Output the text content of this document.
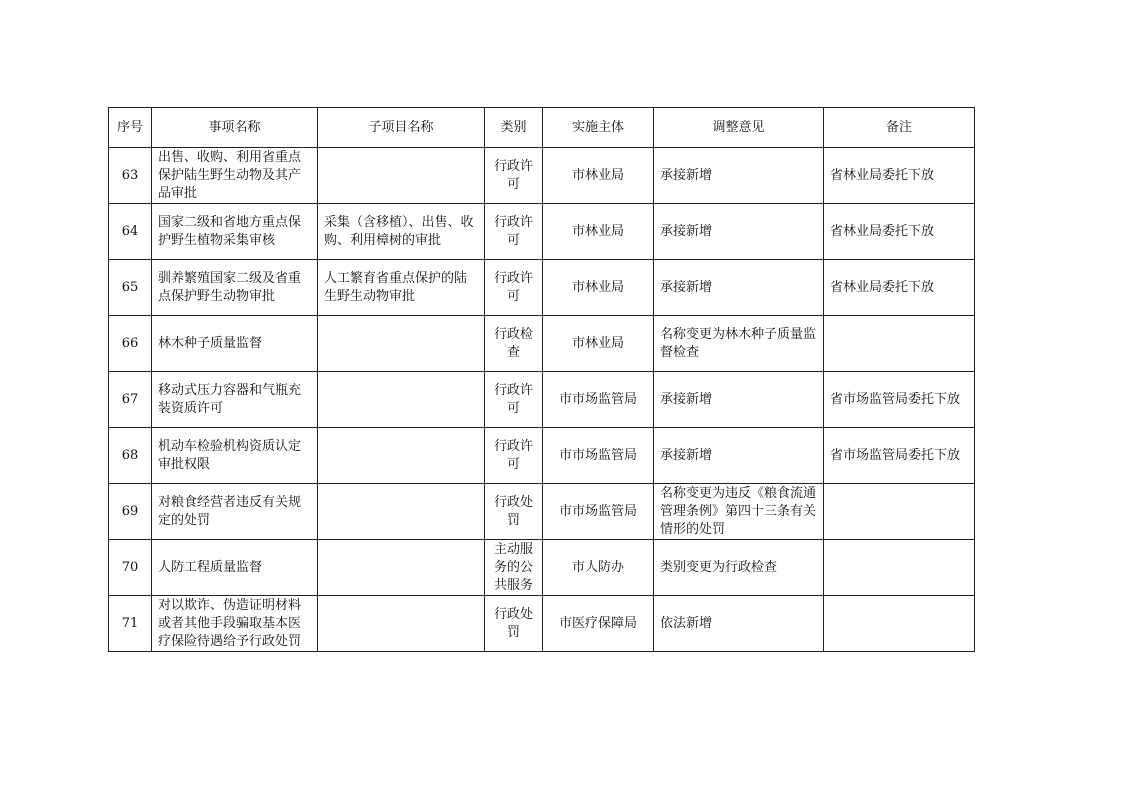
序号	事项名称	子项目名称	类别	实施主体	调整意见	备注
63	出售、收购、利用省重点保护陆生野生动物及其产品审批		行政许可	市林业局	承接新增	省林业局委托下放
64	国家二级和省地方重点保护野生植物采集审核	采集（含移植）、出售、收购、利用樟树的审批	行政许可	市林业局	承接新增	省林业局委托下放
65	驯养繁殖国家二级及省重点保护野生动物审批	人工繁育省重点保护的陆生野生动物审批	行政许可	市林业局	承接新增	省林业局委托下放
66	林木种子质量监督		行政检查	市林业局	名称变更为林木种子质量监督检查	
67	移动式压力容器和气瓶充装资质许可		行政许可	市市场监管局	承接新增	省市场监管局委托下放
68	机动车检验机构资质认定审批权限		行政许可	市市场监管局	承接新增	省市场监管局委托下放
69	对粮食经营者违反有关规定的处罚		行政处罚	市市场监管局	名称变更为违反《粮食流通管理条例》第四十三条有关情形的处罚	
70	人防工程质量监督		主动服务的公共服务	市人防办	类别变更为行政检查	
71	对以欺诈、伪造证明材料或者其他手段骗取基本医疗保险待遇给予行政处罚		行政处罚	市医疗保障局	依法新增	
